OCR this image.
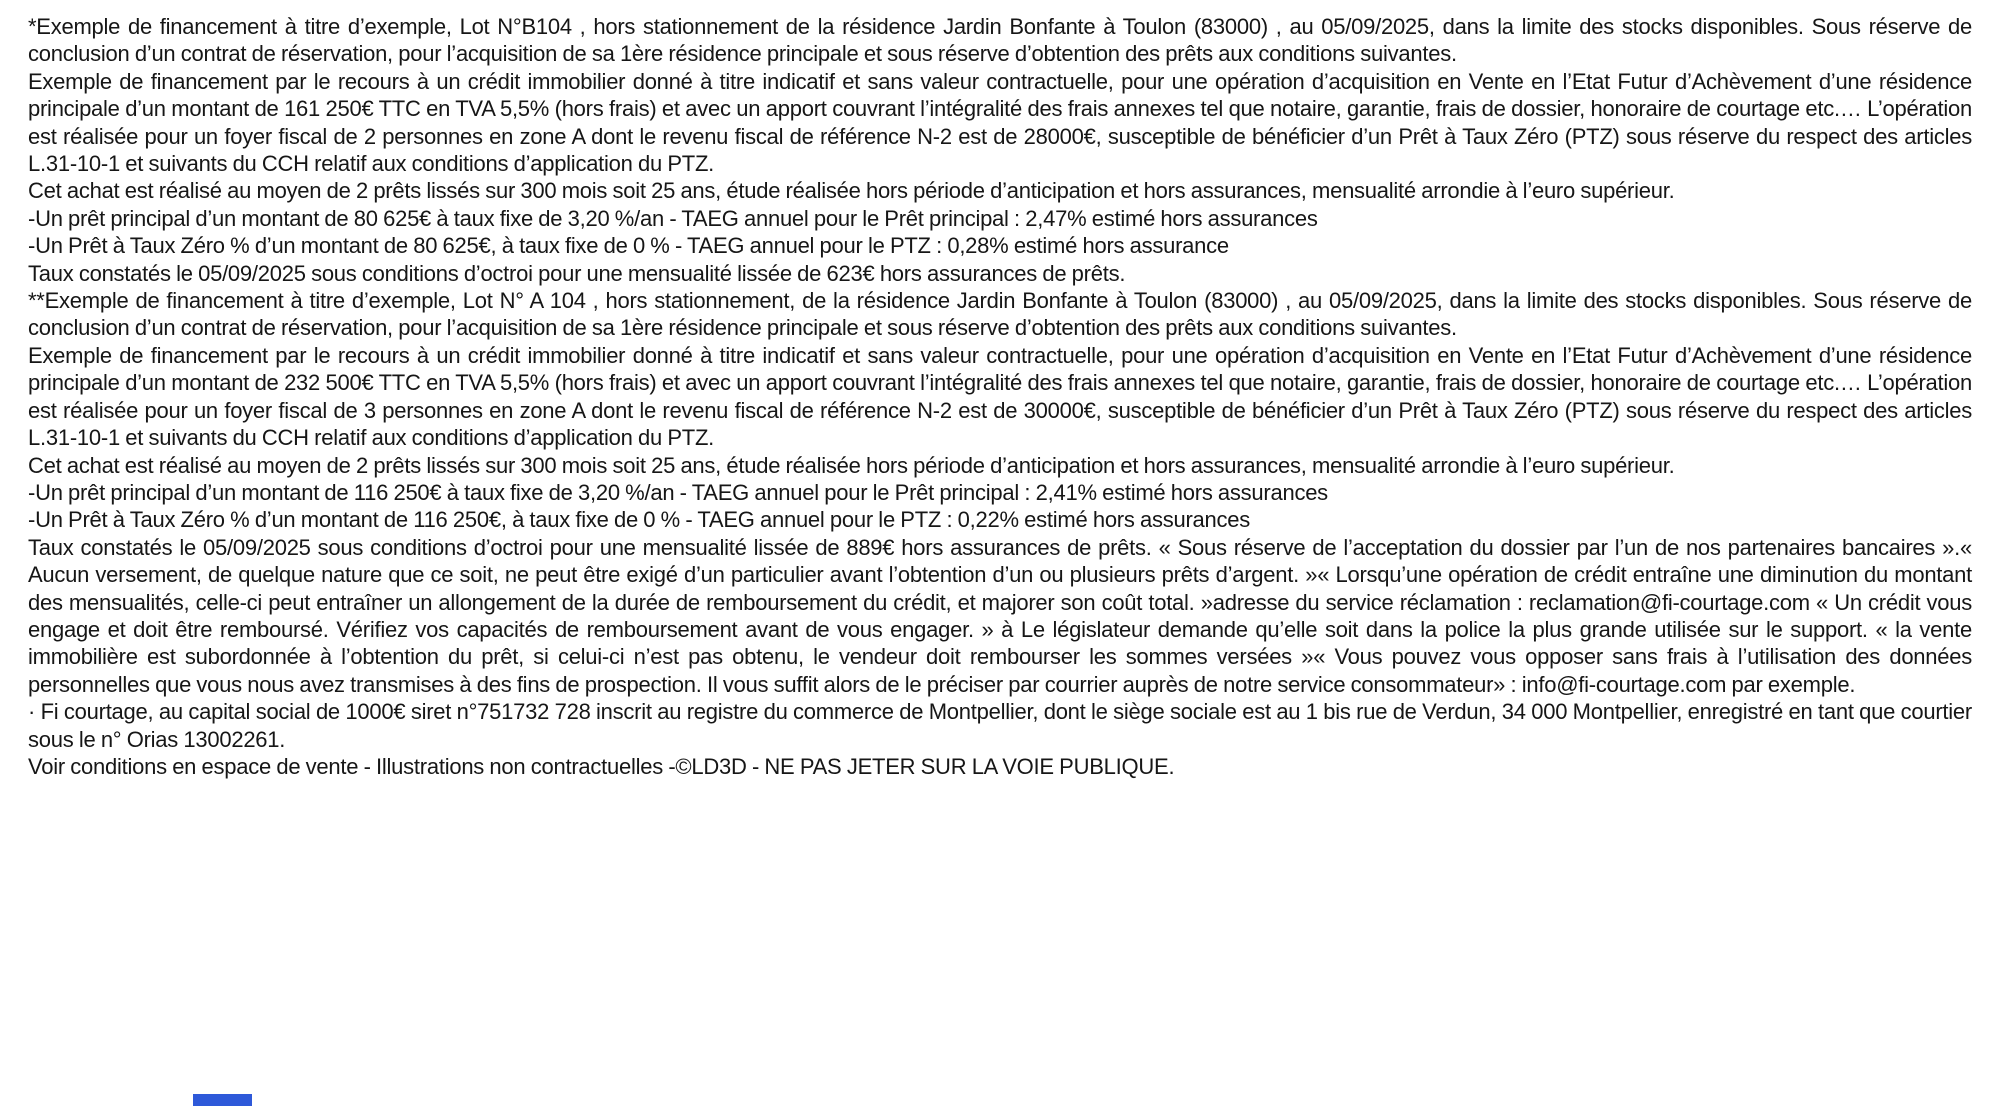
*Exemple de financement à titre d’exemple, Lot N°B104 , hors stationnement de la résidence Jardin Bonfante à Toulon (83000) , au 05/09/2025, dans la limite des stocks disponibles. Sous réserve de conclusion d’un contrat de réservation, pour l’acquisition de sa 1ère résidence principale et sous réserve d’obtention des prêts aux conditions suivantes.

Exemple de financement par le recours à un crédit immobilier donné à titre indicatif et sans valeur contractuelle, pour une opération d’acquisition en Vente en l’Etat Futur d’Achèvement d’une résidence principale d’un montant de 161 250€ TTC en TVA 5,5% (hors frais) et avec un apport couvrant l’intégralité des frais annexes tel que notaire, garantie, frais de dossier, honoraire de courtage etc.… L’opération est réalisée pour un foyer fiscal de 2 personnes en zone A dont le revenu fiscal de référence N-2 est de 28000€, susceptible de bénéficier d’un Prêt à Taux Zéro (PTZ) sous réserve du respect des articles L.31-10-1 et suivants du CCH relatif aux conditions d’application du PTZ.

Cet achat est réalisé au moyen de 2 prêts lissés sur 300 mois soit 25 ans, étude réalisée hors période d’anticipation et hors assurances, mensualité arrondie à l’euro supérieur.

-Un prêt principal d’un montant de 80 625€ à taux fixe de 3,20 %/an - TAEG annuel pour le Prêt principal : 2,47% estimé hors assurances

-Un Prêt à Taux Zéro % d’un montant de 80 625€, à taux fixe de 0 % - TAEG annuel pour le PTZ : 0,28% estimé hors assurance

Taux constatés le 05/09/2025 sous conditions d’octroi pour une mensualité lissée de 623€ hors assurances de prêts.

**Exemple de financement à titre d’exemple, Lot N° A 104 , hors stationnement, de la résidence Jardin Bonfante à Toulon (83000) , au 05/09/2025, dans la limite des stocks disponibles. Sous réserve de conclusion d’un contrat de réservation, pour l’acquisition de sa 1ère résidence principale et sous réserve d’obtention des prêts aux conditions suivantes.

Exemple de financement par le recours à un crédit immobilier donné à titre indicatif et sans valeur contractuelle, pour une opération d’acquisition en Vente en l’Etat Futur d’Achèvement d’une résidence principale d’un montant de 232 500€ TTC en TVA 5,5% (hors frais) et avec un apport couvrant l’intégralité des frais annexes tel que notaire, garantie, frais de dossier, honoraire de courtage etc.… L’opération est réalisée pour un foyer fiscal de 3 personnes en zone A dont le revenu fiscal de référence N-2 est de 30000€, susceptible de bénéficier d’un Prêt à Taux Zéro (PTZ) sous réserve du respect des articles L.31-10-1 et suivants du CCH relatif aux conditions d’application du PTZ.

Cet achat est réalisé au moyen de 2 prêts lissés sur 300 mois soit 25 ans, étude réalisée hors période d’anticipation et hors assurances, mensualité arrondie à l’euro supérieur.

-Un prêt principal d’un montant de 116 250€ à taux fixe de 3,20 %/an - TAEG annuel pour le Prêt principal : 2,41% estimé hors assurances

-Un Prêt à Taux Zéro % d’un montant de 116 250€, à taux fixe de 0 % - TAEG annuel pour le PTZ : 0,22% estimé hors assurances

Taux constatés le 05/09/2025 sous conditions d’octroi pour une mensualité lissée de 889€ hors assurances de prêts. « Sous réserve de l’acceptation du dossier par l’un de nos partenaires bancaires ».« Aucun versement, de quelque nature que ce soit, ne peut être exigé d’un particulier avant l’obtention d’un ou plusieurs prêts d’argent. »« Lorsqu’une opération de crédit entraîne une diminution du montant des mensualités, celle-ci peut entraîner un allongement de la durée de remboursement du crédit, et majorer son coût total. »adresse du service réclamation : reclamation@fi-courtage.com « Un crédit vous engage et doit être remboursé. Vérifiez vos capacités de remboursement avant de vous engager. » à Le législateur demande qu’elle soit dans la police la plus grande utilisée sur le support. « la vente immobilière est subordonnée à l’obtention du prêt, si celui-ci n’est pas obtenu, le vendeur doit rembourser les sommes versées »« Vous pouvez vous opposer sans frais à l’utilisation des données personnelles que vous nous avez transmises à des fins de prospection. Il vous suffit alors de le préciser par courrier auprès de notre service consommateur» : info@fi-courtage.com par exemple.

· Fi courtage, au capital social de 1000€ siret n°751732 728 inscrit au registre du commerce de Montpellier, dont le siège sociale est au 1 bis rue de Verdun, 34 000 Montpellier, enregistré en tant que courtier sous le n° Orias 13002261.

Voir conditions en espace de vente - Illustrations non contractuelles -©LD3D - NE PAS JETER SUR LA VOIE PUBLIQUE.
